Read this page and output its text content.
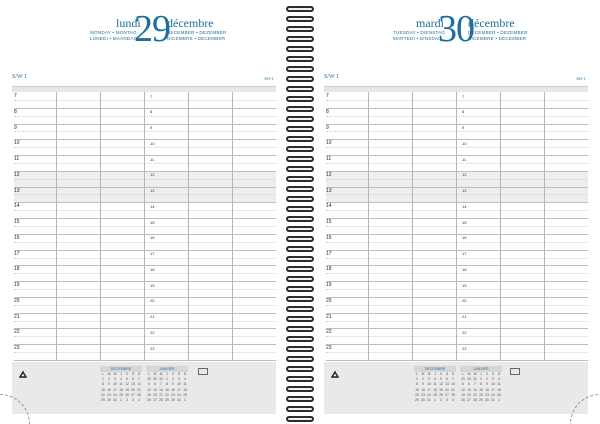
lundi
29
décembre
MONDAY • MONTAG
LUNEDI • MAANDAG
DECEMBER • DEZEMBER
DICEMBRE • DECEMBER
S/W 1	363-2
7	7
8	8
9	9
10	10
11	11
12	12
13	13
14	14
15	15
16	16
17	17
18	18
19	19
20	20
21	21
22	22
23	23
DÉCEMBRE
L	M M	J	V	S	D
1	2	3	4	5	6	7
8	9 10 11 12 13 14
15 16 17 18 19 20 21
22 23 24 25 26 27 28
29 30 31 1	2	3	4
JANVIER
L	M M	J	V	S	D
29 30 31 1	2	3	4
5	6	7	8	9 10 11
12 13 14 15 16 17 18
19 20 21 22 23 24 25
26 27 28 29 30 31 1
mardi
30
décembre
TUESDAY • DIENSTAG
MARTEDI • DINSDAG
DECEMBER • DEZEMBER
DICEMBRE • DECEMBER
S/W 1	364-1
7	7
8	8
9	9
10	10
11	11
12	12
13	13
14	14
15	15
16	16
17	17
18	18
19	19
20	20
21	21
22	22
23	23
DÉCEMBRE
L	M M	J	V	S	D
1	2	3	4	5	6	7
8	9 10 11 12 13 14
15 16 17 18 19 20 21
22 23 24 25 26 27 28
29 30 31 1	2	3	4
JANVIER
L	M M	J	V	S	D
29 30 31 1	2	3	4
5	6	7	8	9 10 11
12 13 14 15 16 17 18
19 20 21 22 23 24 25
26 27 28 29 30 31 1
